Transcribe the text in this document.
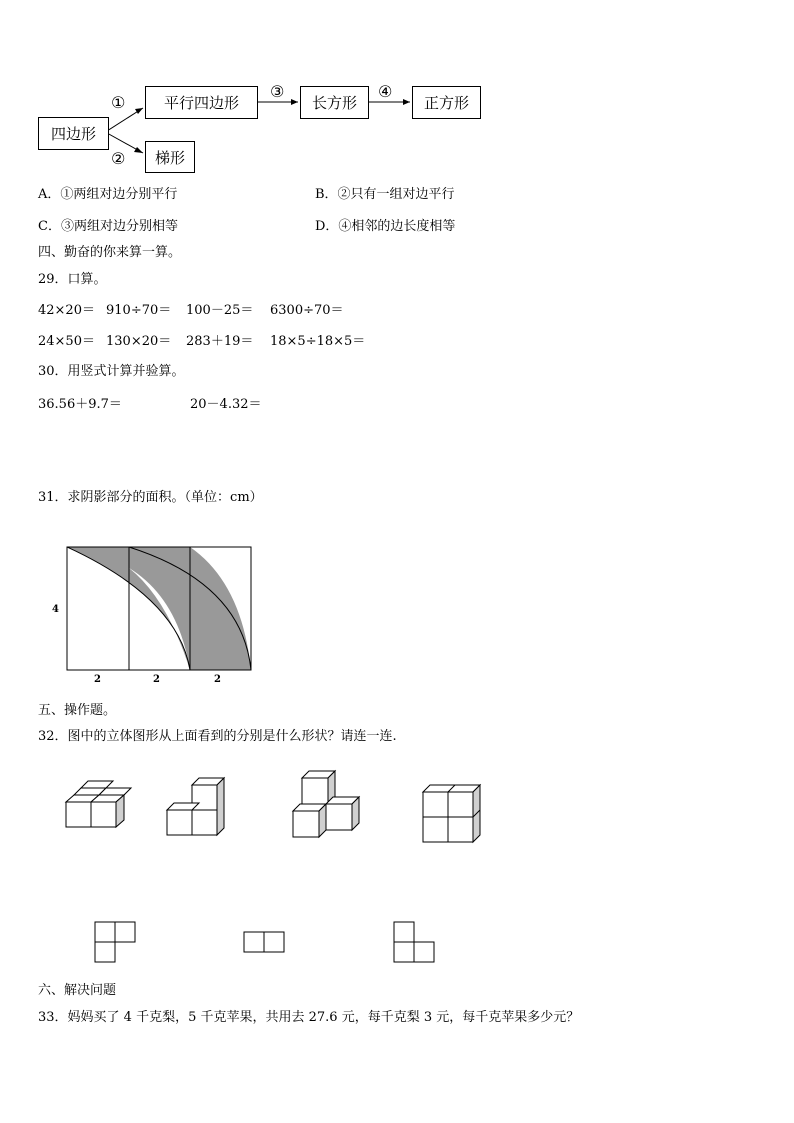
四边形
平行四边形	长方形	正方形
梯形
①
②
③	④
A．①两组对边分别平行	B．②只有一组对边平行
C．③两组对边分别相等	D．④相邻的边长度相等
四、勤奋的你来算一算。
29．口算。
42×20＝ 910÷70＝ 100－25＝ 6300÷70＝
24×50＝ 130×20＝ 283＋19＝ 18×5÷18×5＝
30．用竖式计算并验算。
36.56＋9.7＝	20－4.32＝
31．求阴影部分的面积。（单位：cm）
4
2	2	2
五、操作题。
32．图中的立体图形从上面看到的分别是什么形状？请连一连.
六、解决问题
33．妈妈买了 4 千克梨，5 千克苹果，共用去 27.6 元，每千克梨 3 元，每千克苹果多少元？
